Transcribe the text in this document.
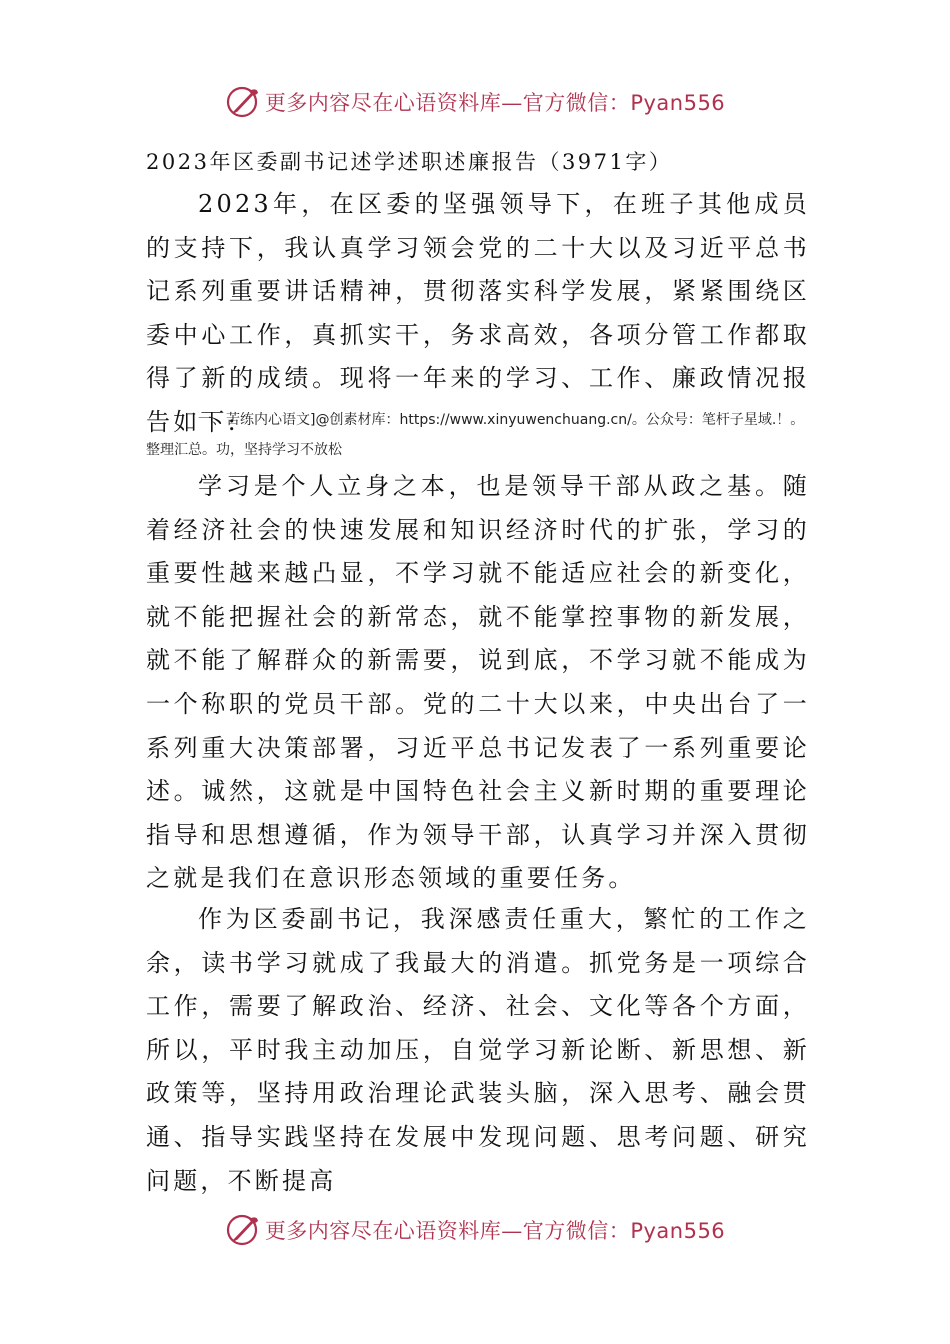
更多内容尽在心语资料库—官方微信：Pyan556
2023年区委副书记述学述职述廉报告（3971字）

2023年，在区委的坚强领导下，在班子其他成员的支持下，我认真学习领会党的二十大以及习近平总书记系列重要讲话精神，贯彻落实科学发展，紧紧围绕区委中心工作，真抓实干，务求高效，各项分管工作都取得了新的成绩。现将一年来的学习、工作、廉政情况报告如下:

一、苦练内心语文]@创素材库：https://www.xinyuwenchuang.cn/。公众号：笔杆子星域.！。整理汇总。功，坚持学习不放松

学习是个人立身之本，也是领导干部从政之基。随着经济社会的快速发展和知识经济时代的扩张，学习的重要性越来越凸显，不学习就不能适应社会的新变化，就不能把握社会的新常态，就不能掌控事物的新发展，就不能了解群众的新需要，说到底，不学习就不能成为一个称职的党员干部。党的二十大以来，中央出台了一系列重大决策部署，习近平总书记发表了一系列重要论述。诚然，这就是中国特色社会主义新时期的重要理论指导和思想遵循，作为领导干部，认真学习并深入贯彻之就是我们在意识形态领域的重要任务。

作为区委副书记，我深感责任重大，繁忙的工作之余，读书学习就成了我最大的消遣。抓党务是一项综合工作，需要了解政治、经济、社会、文化等各个方面，所以，平时我主动加压，自觉学习新论断、新思想、新政策等，坚持用政治理论武装头脑，深入思考、融会贯通、指导实践坚持在发展中发现问题、思考问题、研究问题，不断提高

更多内容尽在心语资料库—官方微信：Pyan556
